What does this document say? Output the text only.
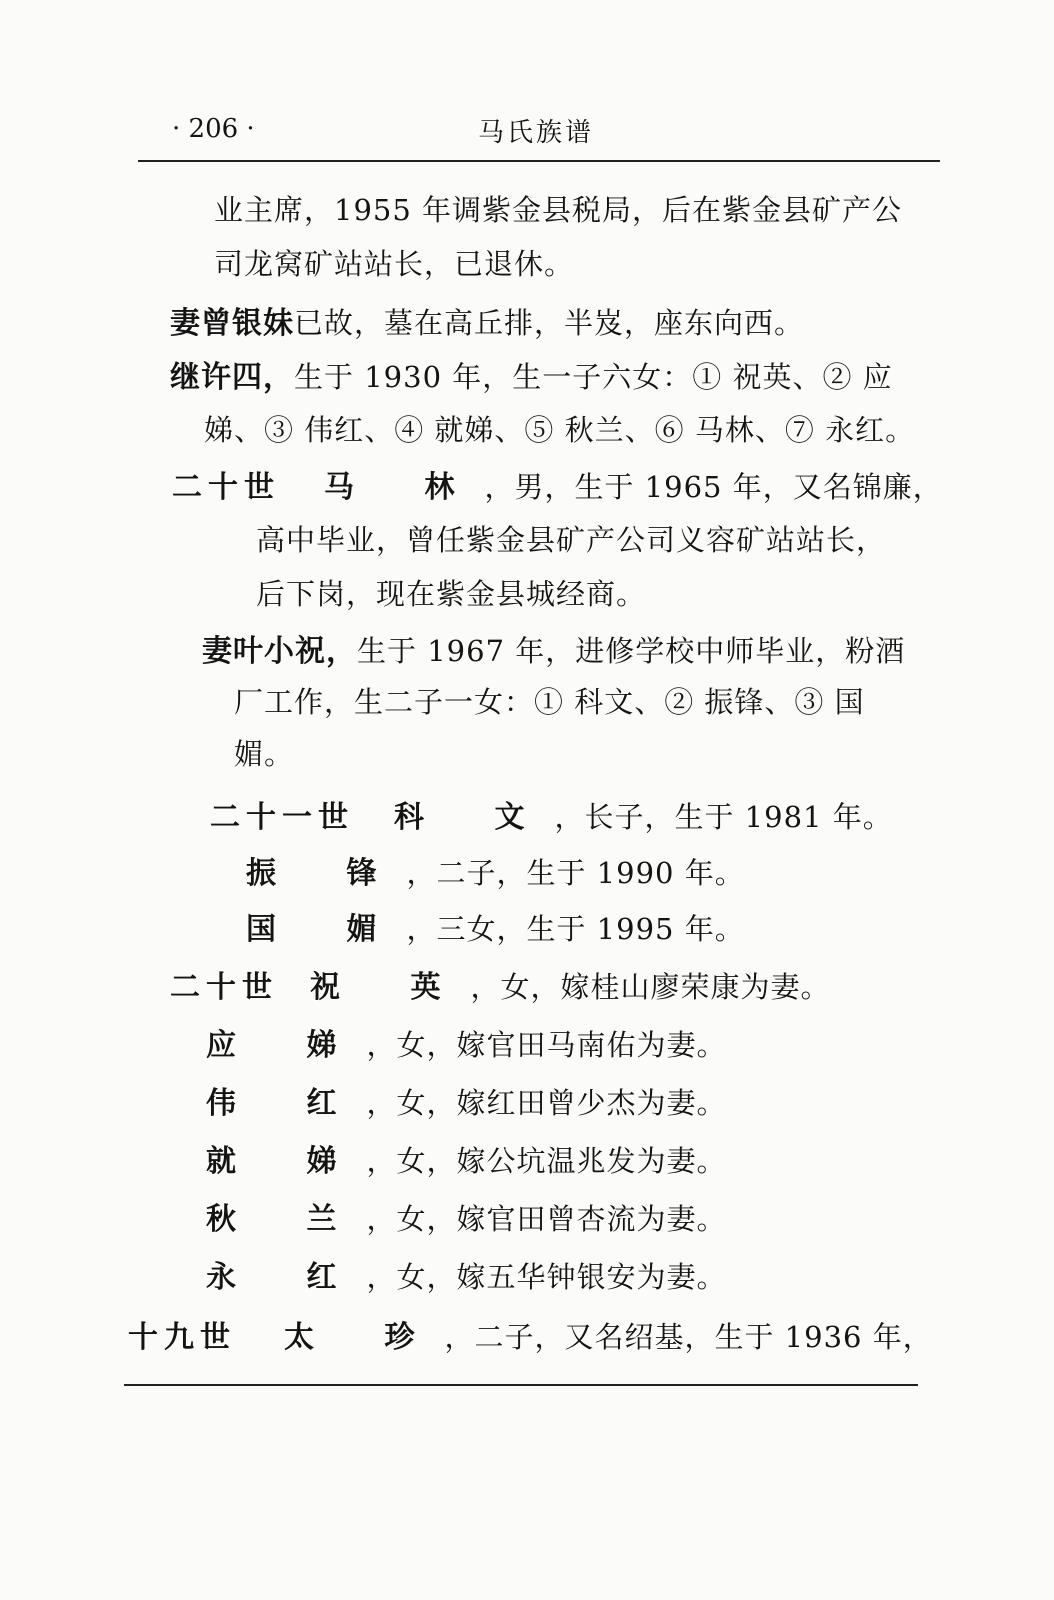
· 206 ·	马氏族谱
业主席，1955 年调紫金县税局，后在紫金县矿产公
司龙窝矿站站长，已退休。
妻曾银妹已故，墓在高丘排，半岌，座东向西。
继许四，生于 1930 年，生一子六女：① 祝英、② 应
娣、③ 伟红、④ 就娣、⑤ 秋兰、⑥ 马林、⑦ 永红。
二十世 马 林，男，生于 1965 年，又名锦廉，
高中毕业，曾任紫金县矿产公司义容矿站站长，
后下岗，现在紫金县城经商。
妻叶小祝，生于 1967 年，进修学校中师毕业，粉酒
厂工作，生二子一女：① 科文、② 振锋、③ 国
媚。
二十一世 科 文，长子，生于 1981 年。
振 锋，二子，生于 1990 年。
国 媚，三女，生于 1995 年。
二十世 祝 英，女，嫁桂山廖荣康为妻。
应 娣，女，嫁官田马南佑为妻。
伟 红，女，嫁红田曾少杰为妻。
就 娣，女，嫁公坑温兆发为妻。
秋 兰，女，嫁官田曾杏流为妻。
永 红，女，嫁五华钟银安为妻。
十九世 太 珍，二子，又名绍基，生于 1936 年，
